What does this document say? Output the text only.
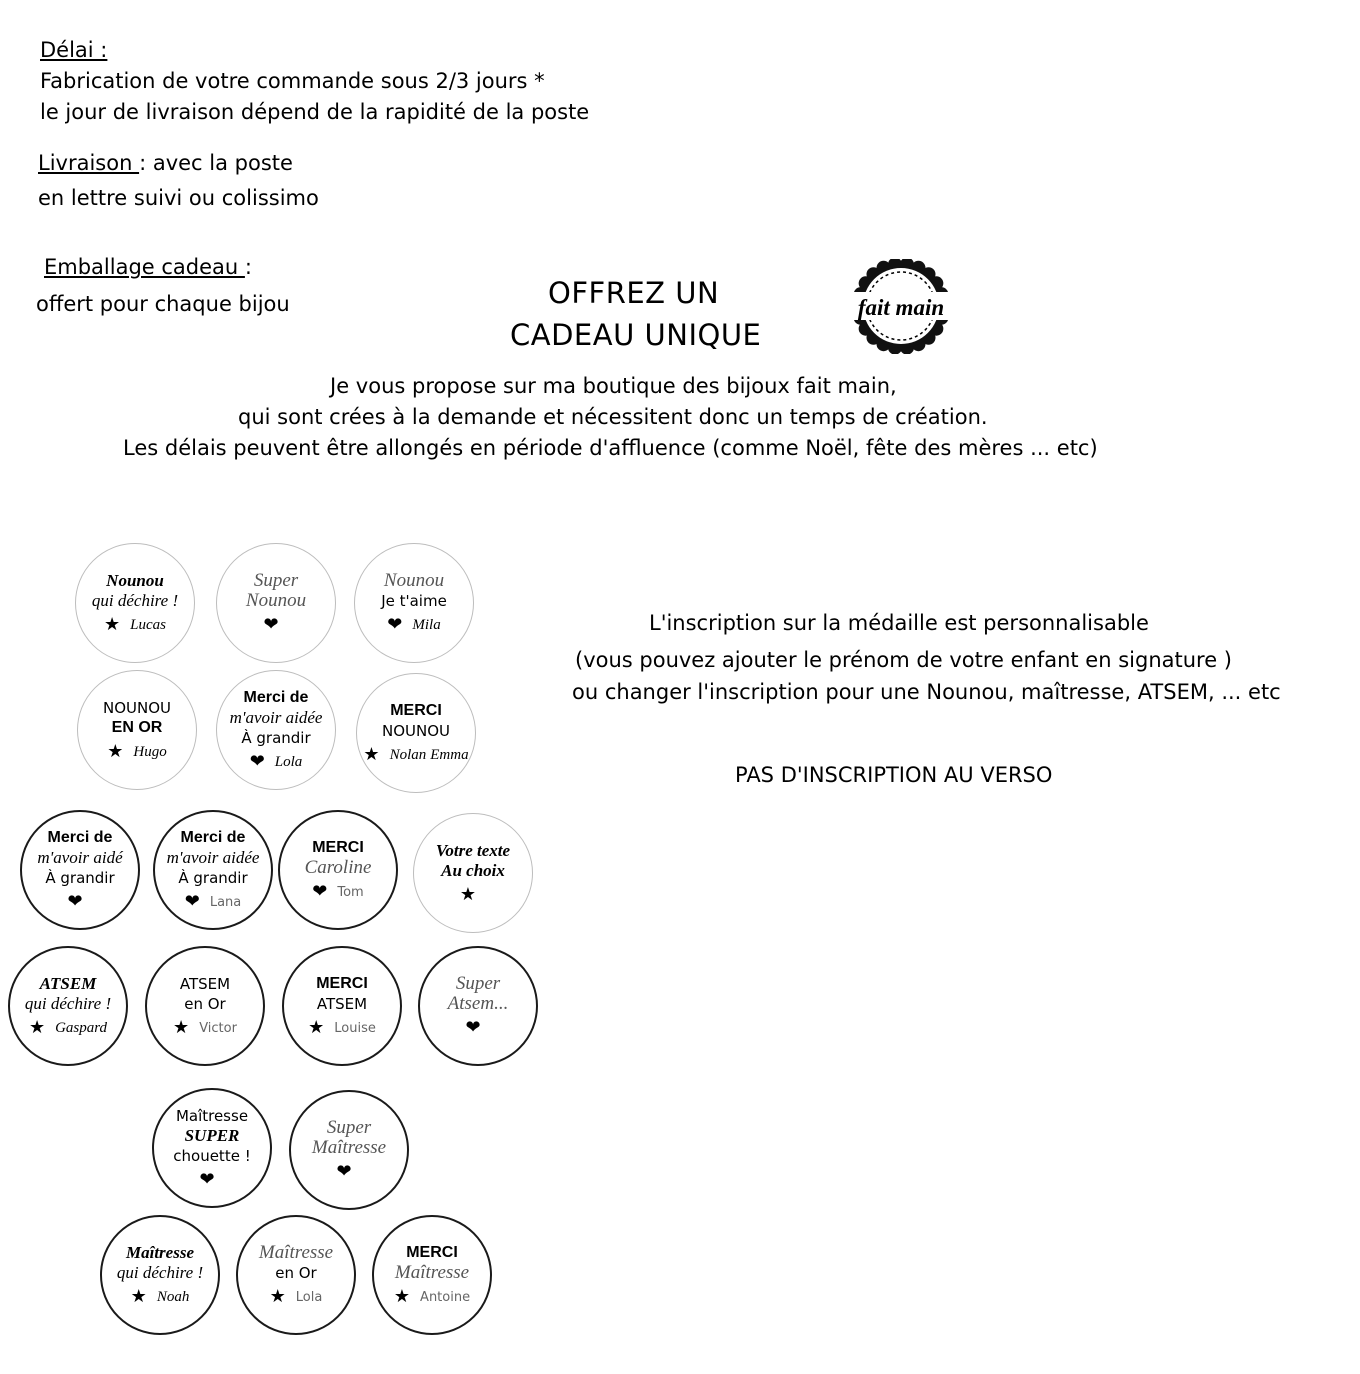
Délai :
Fabrication de votre commande sous 2/3 jours *
le jour de livraison dépend de la rapidité de la poste
Livraison : avec la poste
en lettre suivi ou colissimo
Emballage cadeau :
offert pour chaque bijou	OFFREZ UN
CADEAU UNIQUE
fait main
Je vous propose sur ma boutique des bijoux fait main,
qui sont crées à la demande et nécessitent donc un temps de création.
Les délais peuvent être allongés en période d'affluence (comme Noël, fête des mères ... etc)
L'inscription sur la médaille est personnalisable
(vous pouvez ajouter le prénom de votre enfant en signature )
ou changer l'inscription pour une Nounou, maîtresse, ATSEM, ... etc
PAS D'INSCRIPTION AU VERSO
Nounou
qui déchire !
★ Lucas
Super
Nounou
❤
Nounou
Je t'aime
❤ Mila
NOUNOU
EN OR
★ Hugo
Merci de
m'avoir aidée
À grandir
❤ Lola
MERCI
NOUNOU
★ Nolan Emma
Merci de
m'avoir aidé
À grandir
❤
Merci de
m'avoir aidée
À grandir
❤ Lana
MERCI
Caroline
❤ Tom
Votre texte
Au choix
★
ATSEM
qui déchire !
★ Gaspard
ATSEM
en Or
★ Victor
MERCI
ATSEM
★ Louise
Super
Atsem...
❤
Maîtresse
SUPER
chouette !
❤
Super
Maîtresse
❤
Maîtresse
qui déchire !
★ Noah
Maîtresse
en Or
★ Lola
MERCI
Maîtresse
★ Antoine
